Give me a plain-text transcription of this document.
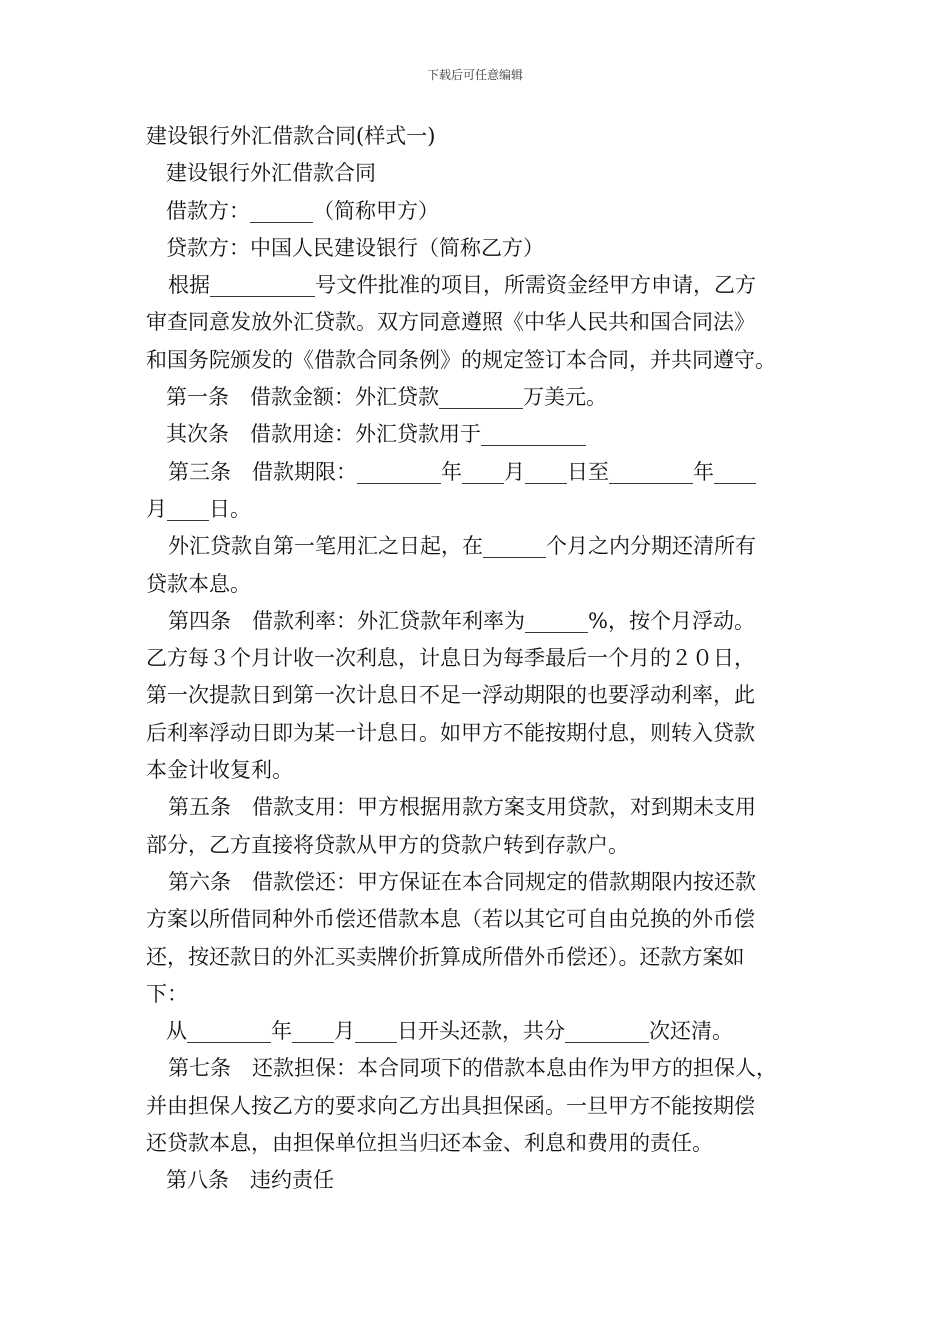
下载后可任意编辑
建设银行外汇借款合同(样式一)
建设银行外汇借款合同
借款方：______（简称甲方）
贷款方：中国人民建设银行（简称乙方）
根据__________号文件批准的项目，所需资金经甲方申请，乙方
审查同意发放外汇贷款。双方同意遵照《中华人民共和国合同法》
和国务院颁发的《借款合同条例》的规定签订本合同，并共同遵守。
第一条　借款金额：外汇贷款________万美元。
其次条　借款用途：外汇贷款用于__________
第三条　借款期限：________年____月____日至________年____
月____日。
外汇贷款自第一笔用汇之日起，在______个月之内分期还清所有
贷款本息。
第四条　借款利率：外汇贷款年利率为______%，按个月浮动。
乙方每３个月计收一次利息，计息日为每季最后一个月的２０日，
第一次提款日到第一次计息日不足一浮动期限的也要浮动利率，此
后利率浮动日即为某一计息日。如甲方不能按期付息，则转入贷款
本金计收复利。
第五条　借款支用：甲方根据用款方案支用贷款，对到期未支用
部分，乙方直接将贷款从甲方的贷款户转到存款户。
第六条　借款偿还：甲方保证在本合同规定的借款期限内按还款
方案以所借同种外币偿还借款本息（若以其它可自由兑换的外币偿
还，按还款日的外汇买卖牌价折算成所借外币偿还）。还款方案如
下：
从________年____月____日开头还款，共分________次还清。
第七条　还款担保：本合同项下的借款本息由作为甲方的担保人，
并由担保人按乙方的要求向乙方出具担保函。一旦甲方不能按期偿
还贷款本息，由担保单位担当归还本金、利息和费用的责任。
第八条　违约责任
